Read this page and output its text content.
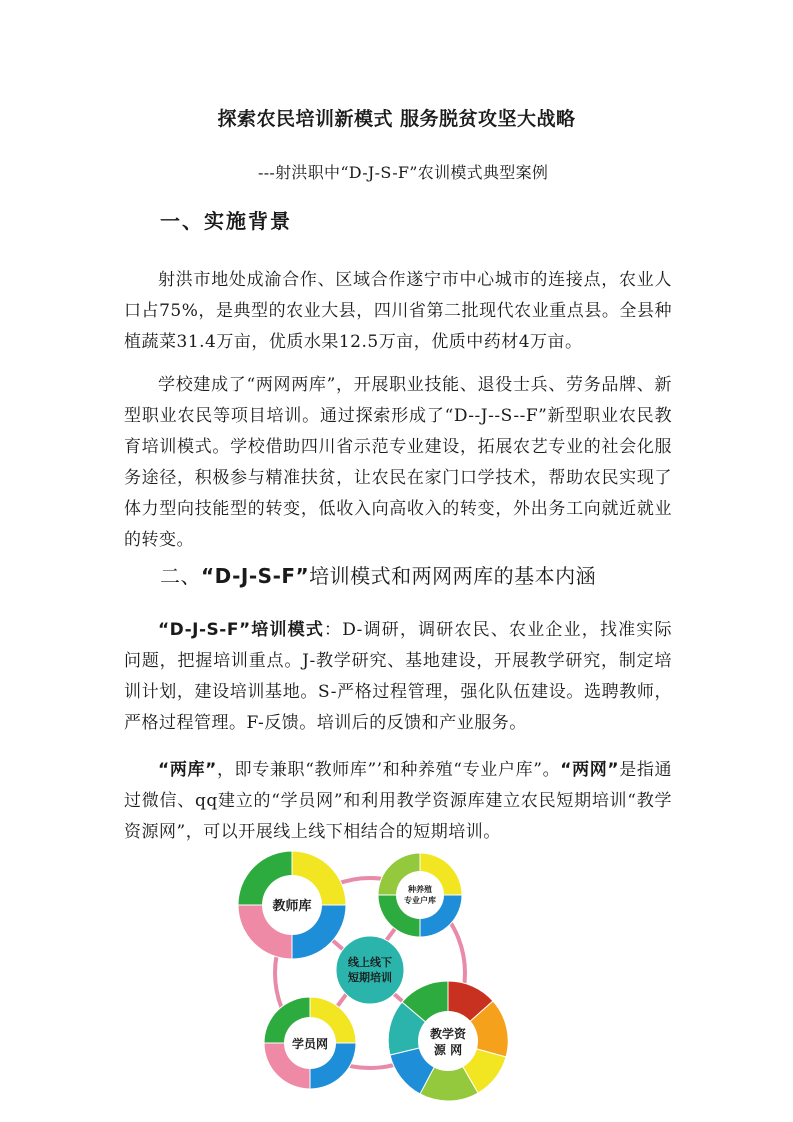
探索农民培训新模式 服务脱贫攻坚大战略
---射洪职中“D-J-S-F”农训模式典型案例
一、实施背景

射洪市地处成渝合作、区域合作遂宁市中心城市的连接点，农业人口占75%，是典型的农业大县，四川省第二批现代农业重点县。全县种植蔬菜31.4万亩，优质水果12.5万亩，优质中药材4万亩。

学校建成了“两网两库”，开展职业技能、退役士兵、劳务品牌、新型职业农民等项目培训。通过探索形成了“D--J--S--F”新型职业农民教育培训模式。学校借助四川省示范专业建设，拓展农艺专业的社会化服务途径，积极参与精准扶贫，让农民在家门口学技术，帮助农民实现了体力型向技能型的转变，低收入向高收入的转变，外出务工向就近就业的转变。

二、“D-J-S-F”培训模式和两网两库的基本内涵

“D-J-S-F”培训模式：D-调研，调研农民、农业企业，找准实际问题，把握培训重点。J-教学研究、基地建设，开展教学研究，制定培训计划，建设培训基地。S-严格过程管理，强化队伍建设。选聘教师，严格过程管理。F-反馈。培训后的反馈和产业服务。

“两库”，即专兼职“教师库”’和种养殖“专业户库”。“两网”是指通过微信、qq建立的“学员网”和利用教学资源库建立农民短期培训“教学资源网”，可以开展线上线下相结合的短期培训。

教师库
种养殖
专业户库
学员网
教学资
源 网
线上线下
短期培训
